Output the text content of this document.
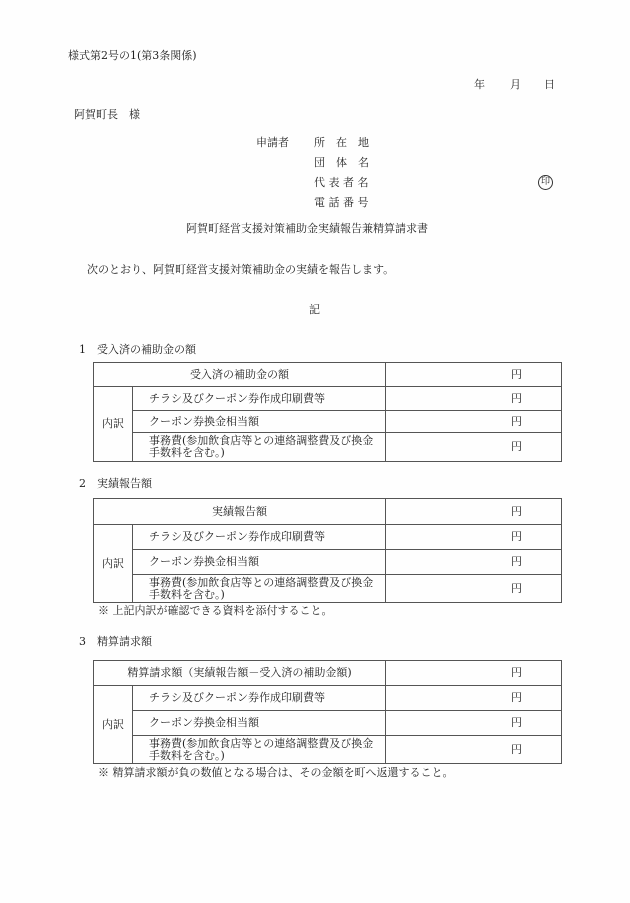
様式第2号の1(第3条関係)
年 月 日
阿賀町長　様
申請者 所　在　地
団　体　名
代 表 者 名	印
電 話 番 号
阿賀町経営支援対策補助金実績報告兼精算請求書
次のとおり、阿賀町経営支援対策補助金の実績を報告します。
記
1　受入済の補助金の額
受入済の補助金の額		円
内訳	チラシ及びクーポン券作成印刷費等	円
	クーポン券換金相当額	円
	事務費(参加飲食店等との連絡調整費及び換金手数料を含む。)	円
2　実績報告額
実績報告額		円
内訳	チラシ及びクーポン券作成印刷費等	円
	クーポン券換金相当額	円
	事務費(参加飲食店等との連絡調整費及び換金手数料を含む。)	円
※ 上記内訳が確認できる資料を添付すること。
3　精算請求額
精算請求額（実績報告額－受入済の補助金額)		円
内訳	チラシ及びクーポン券作成印刷費等	円
	クーポン券換金相当額	円
	事務費(参加飲食店等との連絡調整費及び換金手数料を含む。)	円
※ 精算請求額が負の数値となる場合は、その金額を町へ返還すること。
